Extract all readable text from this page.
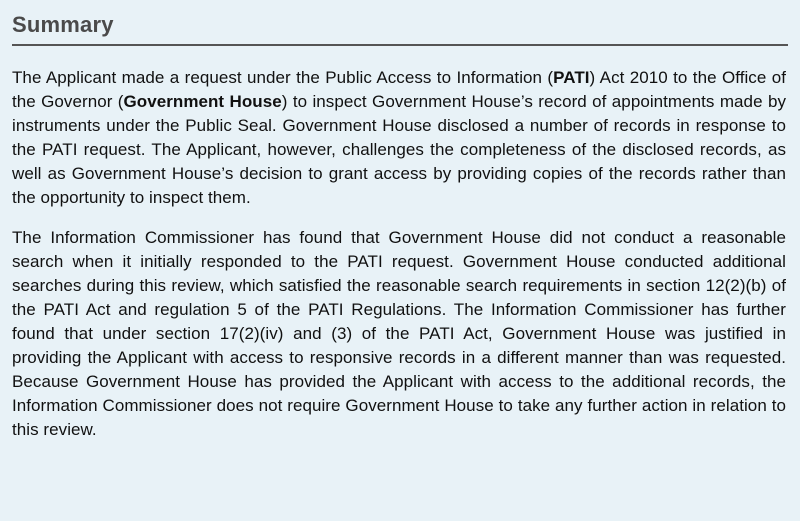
Summary

The Applicant made a request under the Public Access to Information (PATI) Act 2010 to the Office of the Governor (Government House) to inspect Government House’s record of appointments made by instruments under the Public Seal. Government House disclosed a number of records in response to the PATI request. The Applicant, however, challenges the completeness of the disclosed records, as well as Government House’s decision to grant access by providing copies of the records rather than the opportunity to inspect them.

The Information Commissioner has found that Government House did not conduct a reasonable search when it initially responded to the PATI request. Government House conducted additional searches during this review, which satisfied the reasonable search requirements in section 12(2)(b) of the PATI Act and regulation 5 of the PATI Regulations. The Information Commissioner has further found that under section 17(2)(iv) and (3) of the PATI Act, Government House was justified in providing the Applicant with access to responsive records in a different manner than was requested. Because Government House has provided the Applicant with access to the additional records, the Information Commissioner does not require Government House to take any further action in relation to this review.
